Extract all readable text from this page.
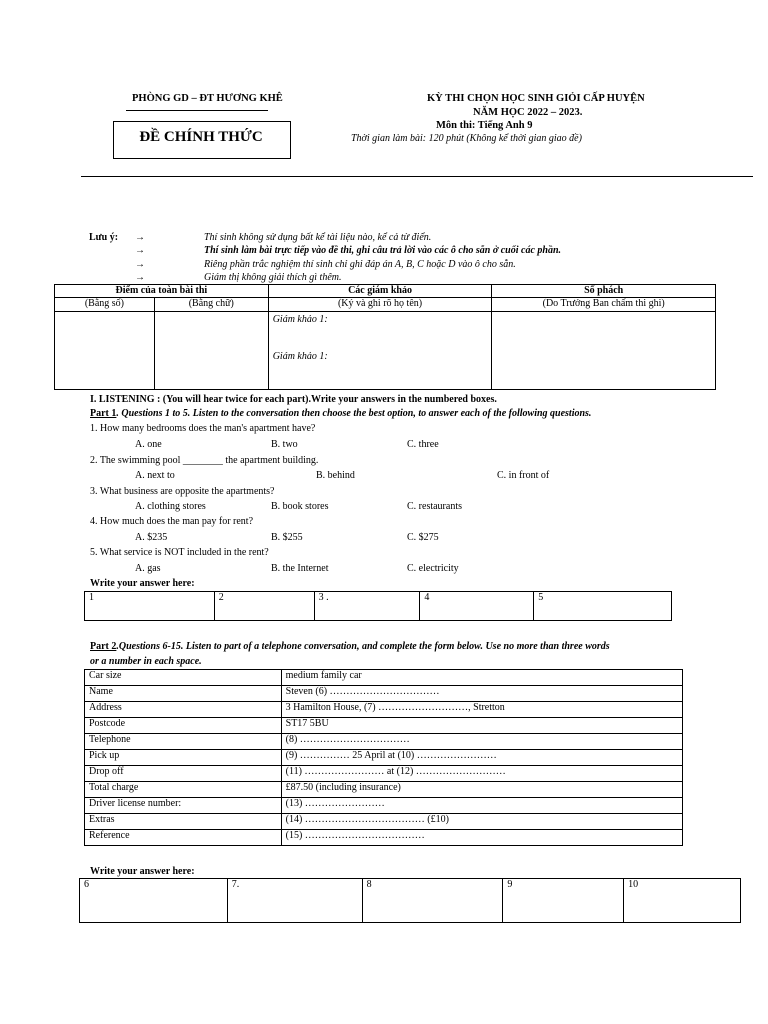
PHÒNG GD – ĐT HƯƠNG KHÊ
ĐỀ CHÍNH THỨC
KỲ THI CHỌN HỌC SINH GIỎI CẤP HUYỆN
NĂM HỌC 2022 – 2023.
Môn thi: Tiếng Anh 9
Thời gian làm bài: 120 phút (Không kể thời gian giao đề)
Lưu ý: →
→
→
→
Thí sinh không sử dụng bất kể tài liệu nào, kể cả từ điển.
Thí sinh làm bài trực tiếp vào đề thi, ghi câu trả lời vào các ô cho sẵn ở cuối các phần.
Riêng phần trắc nghiệm thí sinh chỉ ghi đáp án A, B, C hoặc D vào ô cho sẵn.
Giám thị không giải thích gì thêm.
Điểm của toàn bài thi		Các giám khảo	Số phách
(Bằng số)	(Bằng chữ)	(Ký và ghi rõ họ tên)	(Do Trưởng Ban chấm thi ghi)

		Giám khảo 1:
Giám khảo 1:	

I. LISTENING : (You will hear twice for each part).Write your answers in the numbered boxes.
Part 1. Questions 1 to 5. Listen to the conversation then choose the best option, to answer each of the following questions.
1. How many bedrooms does the man's apartment have?
A. one	B. two	C. three
2. The swimming pool ________ the apartment building.
A. next to	B. behind	C. in front of
3. What business are opposite the apartments?
A. clothing stores	B. book stores	C. restaurants
4. How much does the man pay for rent?
A. $235	B. $255	C. $275
5. What service is NOT included in the rent?
A. gas	B. the Internet	C. electricity
Write your answer here:
1	2	3 .	4	5
Part 2.Questions 6-15. Listen to part of a telephone conversation, and complete the form below. Use no more than three words
or a number in each space.
Car size	medium family car
Name	Steven (6) ……………………………
Address	3 Hamilton House, (7) ………………………, Stretton
Postcode	ST17 5BU
Telephone	(8) ……………………………
Pick up	(9) …………… 25 April at (10) ……………………
Drop off	(11) …………………… at (12) ………………………
Total charge	£87.50 (including insurance)
Driver license number:	(13) ……………………
Extras	(14) ……………………………… (£10)
Reference	(15) ………………………………
Write your answer here:
6	7.	8	9	10
